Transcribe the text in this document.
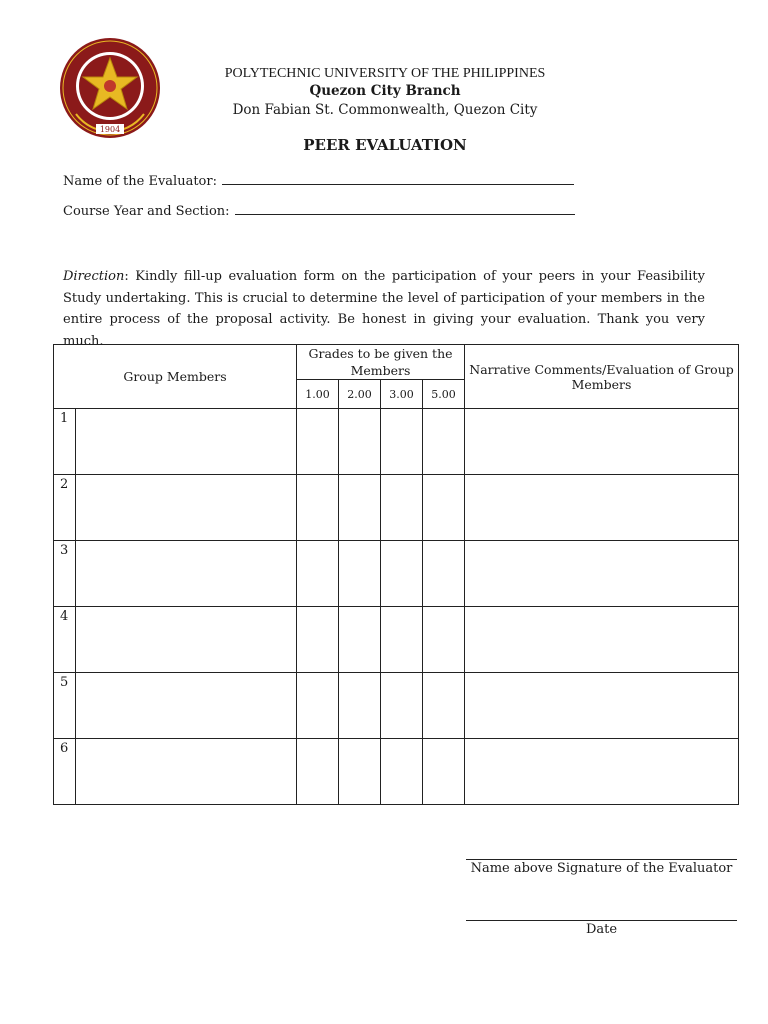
1904
POLYTECHNIC UNIVERSITY OF THE PHILIPPINES
Quezon City Branch
Don Fabian St. Commonwealth, Quezon City
PEER EVALUATION
Name of the Evaluator:
Course Year and Section:
Direction: Kindly fill-up evaluation form on the participation of your peers in your Feasibility Study undertaking. This is crucial to determine the level of participation of your members in the entire process of the proposal activity. Be honest in giving your evaluation. Thank you very much.
Group Members		Grades to be given the Members				Narrative Comments/Evaluation of Group Members
		1.00	2.00	3.00	5.00	
1						
2						
3						
4						
5						
6						
Name above Signature of the Evaluator
Date
